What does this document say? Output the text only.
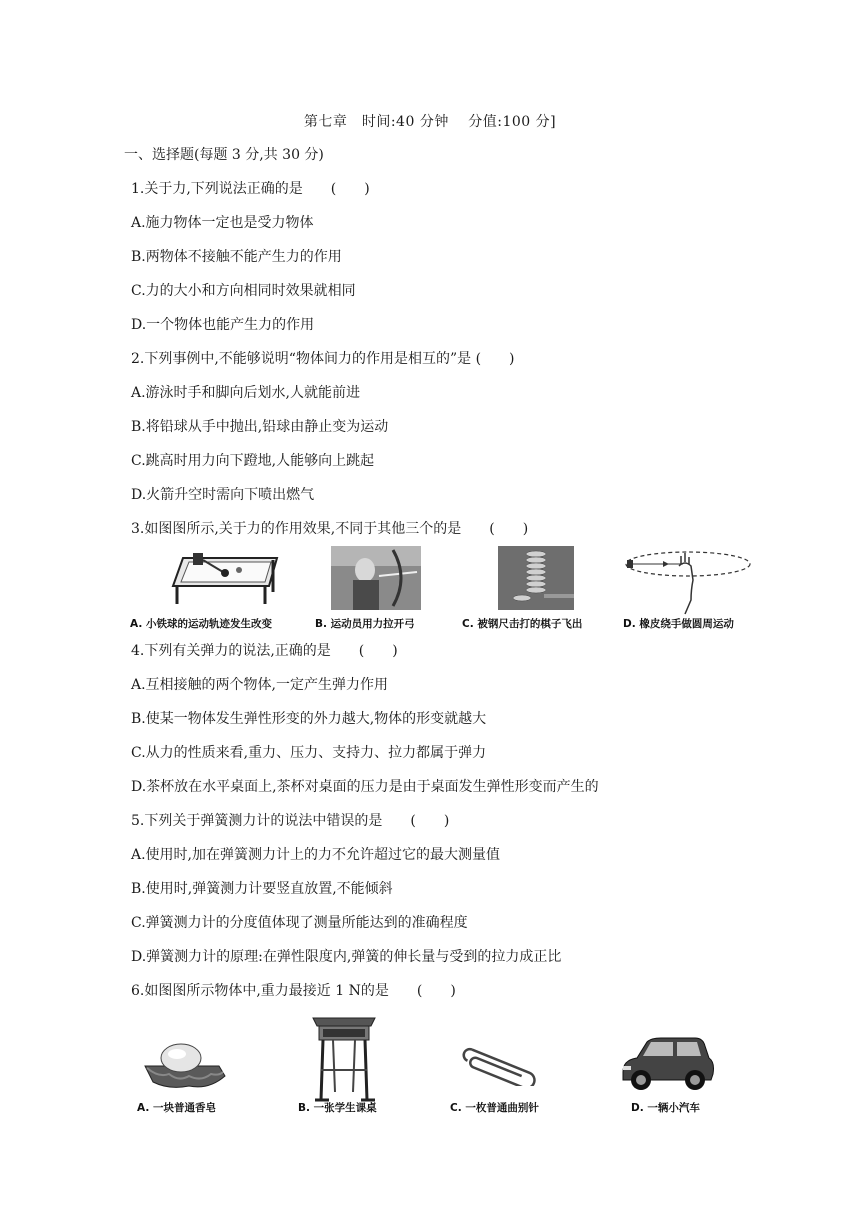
第七章　时间:40 分钟　 分值:100 分]
一、选择题(每题 3 分,共 30 分)
1.关于力,下列说法正确的是　　(　　)
A.施力物体一定也是受力物体
B.两物体不接触不能产生力的作用
C.力的大小和方向相同时效果就相同
D.一个物体也能产生力的作用
2.下列事例中,不能够说明“物体间力的作用是相互的”是 (　　)
A.游泳时手和脚向后划水,人就能前进
B.将铅球从手中抛出,铅球由静止变为运动
C.跳高时用力向下蹬地,人能够向上跳起
D.火箭升空时需向下喷出燃气
3.如图图所示,关于力的作用效果,不同于其他三个的是　　(　　)
A. 小铁球的运动轨迹发生改变	B. 运动员用力拉开弓	C. 被钢尺击打的棋子飞出	D. 橡皮绕手做圆周运动
4.下列有关弹力的说法,正确的是　　(　　)
A.互相接触的两个物体,一定产生弹力作用
B.使某一物体发生弹性形变的外力越大,物体的形变就越大
C.从力的性质来看,重力、压力、支持力、拉力都属于弹力
D.茶杯放在水平桌面上,茶杯对桌面的压力是由于桌面发生弹性形变而产生的
5.下列关于弹簧测力计的说法中错误的是　　(　　)
A.使用时,加在弹簧测力计上的力不允许超过它的最大测量值
B.使用时,弹簧测力计要竖直放置,不能倾斜
C.弹簧测力计的分度值体现了测量所能达到的准确程度
D.弹簧测力计的原理:在弹性限度内,弹簧的伸长量与受到的拉力成正比
6.如图图所示物体中,重力最接近 1 N的是　　(　　)
A. 一块普通香皂	B. 一张学生课桌	C. 一枚普通曲别针	D. 一辆小汽车
